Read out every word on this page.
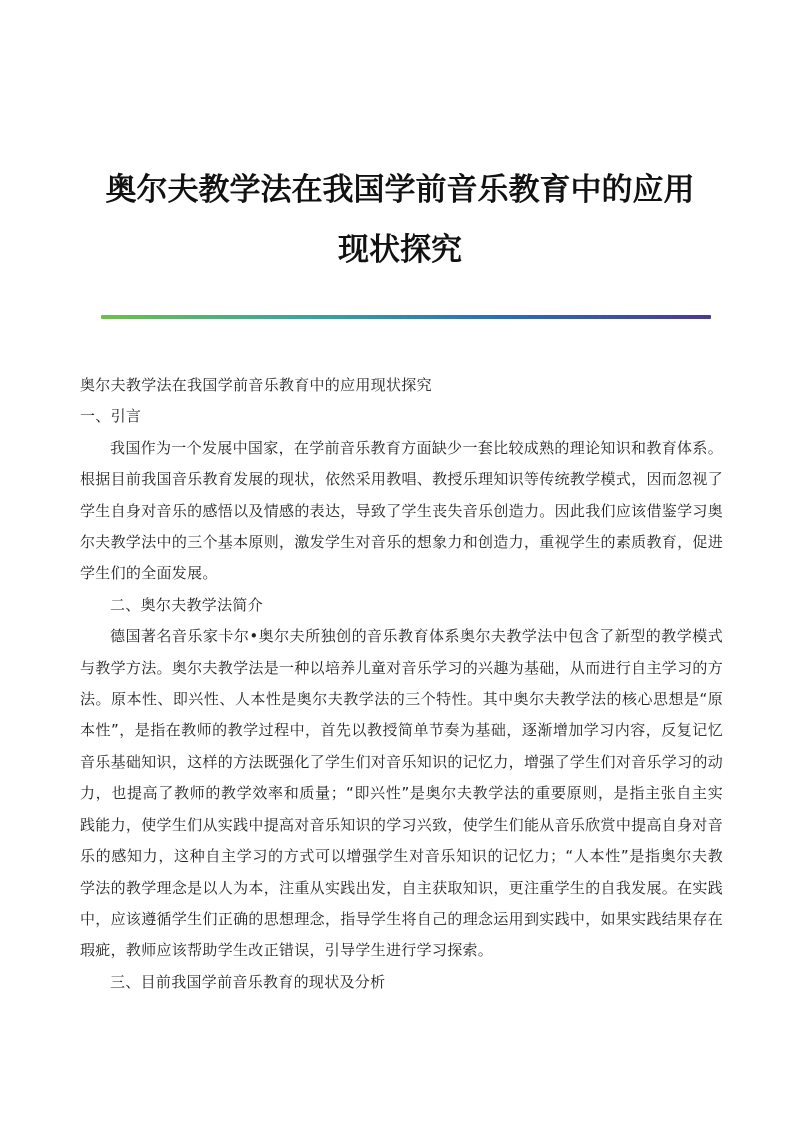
奥尔夫教学法在我国学前音乐教育中的应用
现状探究

奥尔夫教学法在我国学前音乐教育中的应用现状探究

一、引言

我国作为一个发展中国家，在学前音乐教育方面缺少一套比较成熟的理论知识和教育体系。根据目前我国音乐教育发展的现状，依然采用教唱、教授乐理知识等传统教学模式，因而忽视了学生自身对音乐的感悟以及情感的表达，导致了学生丧失音乐创造力。因此我们应该借鉴学习奥尔夫教学法中的三个基本原则，激发学生对音乐的想象力和创造力，重视学生的素质教育，促进学生们的全面发展。

二、奥尔夫教学法简介

德国著名音乐家卡尔•奥尔夫所独创的音乐教育体系奥尔夫教学法中包含了新型的教学模式与教学方法。奥尔夫教学法是一种以培养儿童对音乐学习的兴趣为基础，从而进行自主学习的方法。原本性、即兴性、人本性是奥尔夫教学法的三个特性。其中奥尔夫教学法的核心思想是“原本性”，是指在教师的教学过程中，首先以教授简单节奏为基础，逐渐增加学习内容，反复记忆音乐基础知识，这样的方法既强化了学生们对音乐知识的记忆力，增强了学生们对音乐学习的动力，也提高了教师的教学效率和质量；“即兴性”是奥尔夫教学法的重要原则，是指主张自主实践能力，使学生们从实践中提高对音乐知识的学习兴致，使学生们能从音乐欣赏中提高自身对音乐的感知力，这种自主学习的方式可以增强学生对音乐知识的记忆力；“人本性”是指奥尔夫教学法的教学理念是以人为本，注重从实践出发，自主获取知识，更注重学生的自我发展。在实践中，应该遵循学生们正确的思想理念，指导学生将自己的理念运用到实践中，如果实践结果存在瑕疵，教师应该帮助学生改正错误，引导学生进行学习探索。

三、目前我国学前音乐教育的现状及分析
